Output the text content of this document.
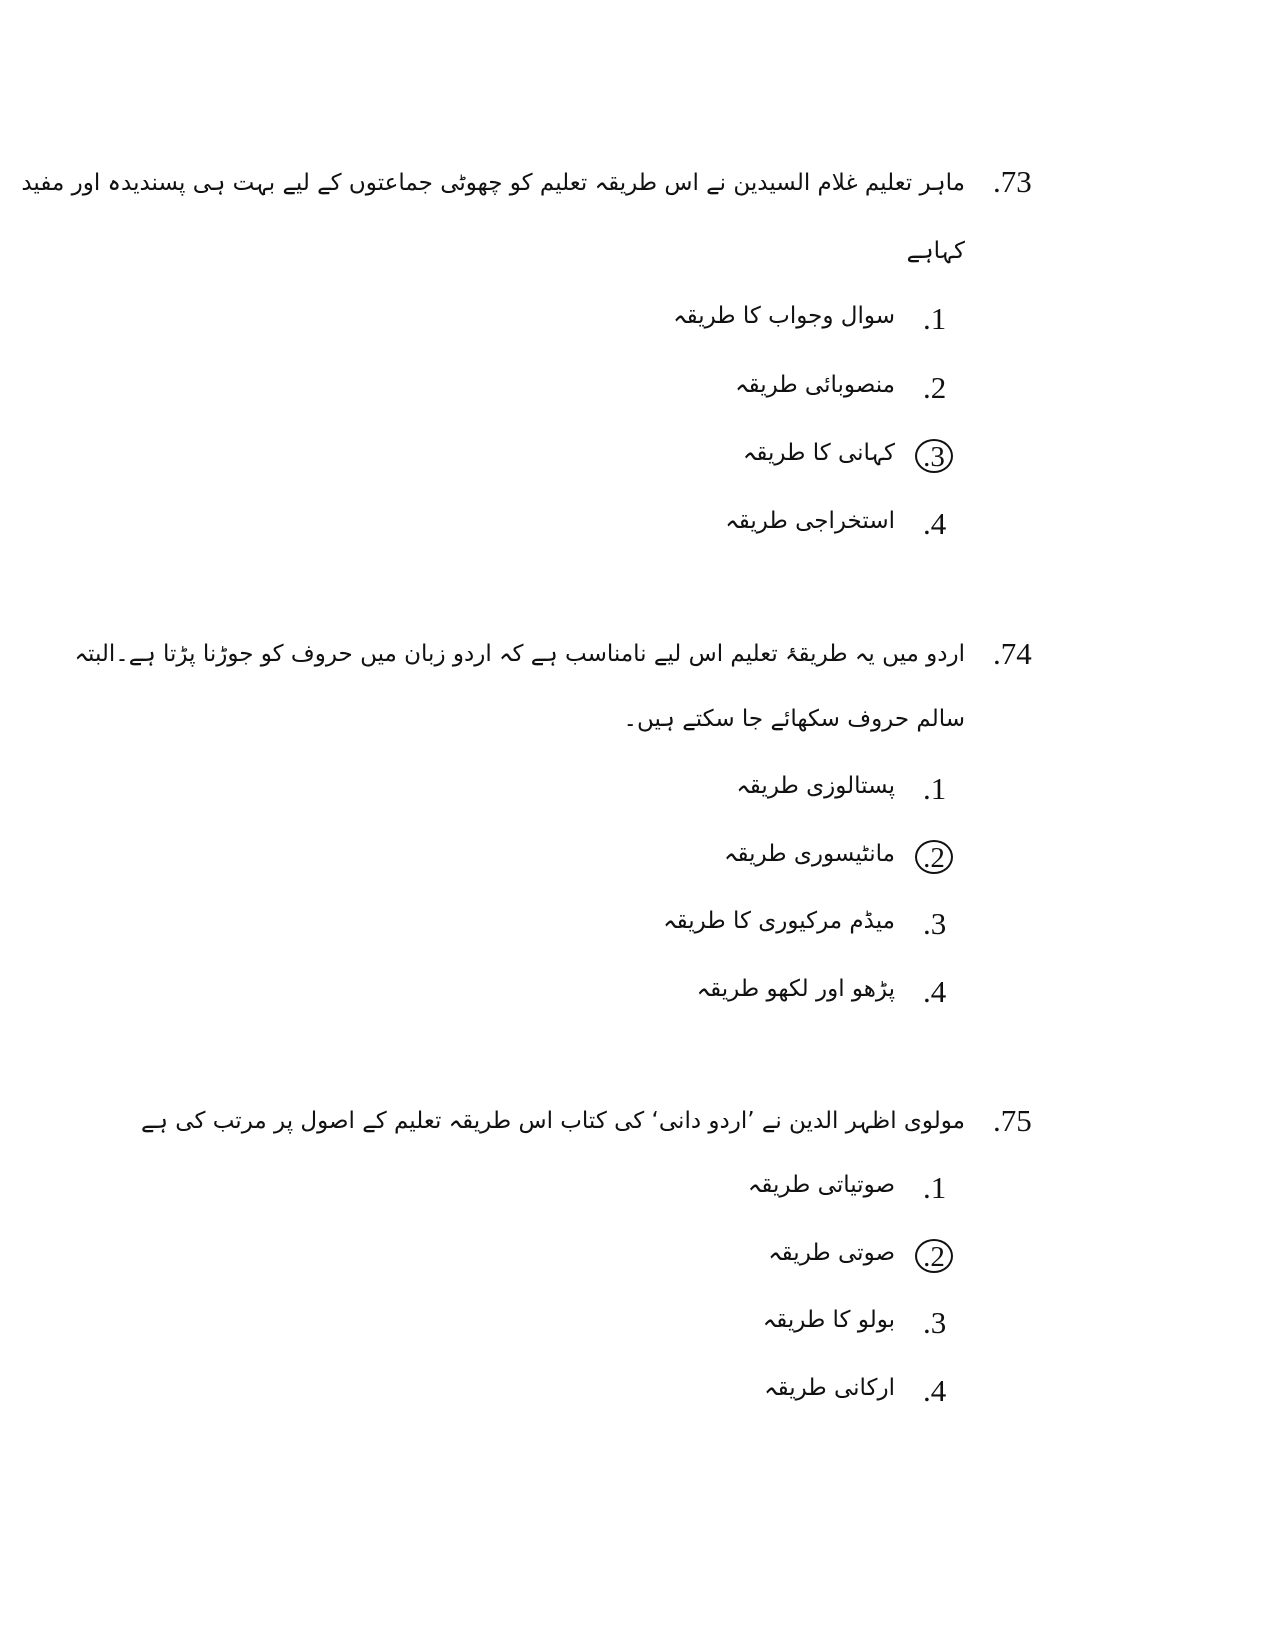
.73
ماہر تعلیم غلام السیدین نے اس طریقہ تعلیم کو چھوٹی جماعتوں کے لیے بہت ہی پسندیدہ اور مفید
کہاہے
.1
سوال وجواب کا طریقہ
.2
منصوبائی طریقہ
.3
کہانی کا طریقہ
.4
استخراجی طریقہ
.74
اردو میں یہ طریقۂ تعلیم اس لیے نامناسب ہے کہ اردو زبان میں حروف کو جوڑنا پڑتا ہے۔البتہ
سالم حروف سکھائے جا سکتے ہیں۔
.1
پستالوزی طریقہ
.2
مانٹیسوری طریقہ
.3
میڈم مرکیوری کا طریقہ
.4
پڑھو اور لکھو طریقہ
.75
مولوی اظہر الدین نے ’اردو دانی‘ کی کتاب اس طریقہ تعلیم کے اصول پر مرتب کی ہے
.1
صوتیاتی طریقہ
.2
صوتی طریقہ
.3
بولو کا طریقہ
.4
ارکانی طریقہ
